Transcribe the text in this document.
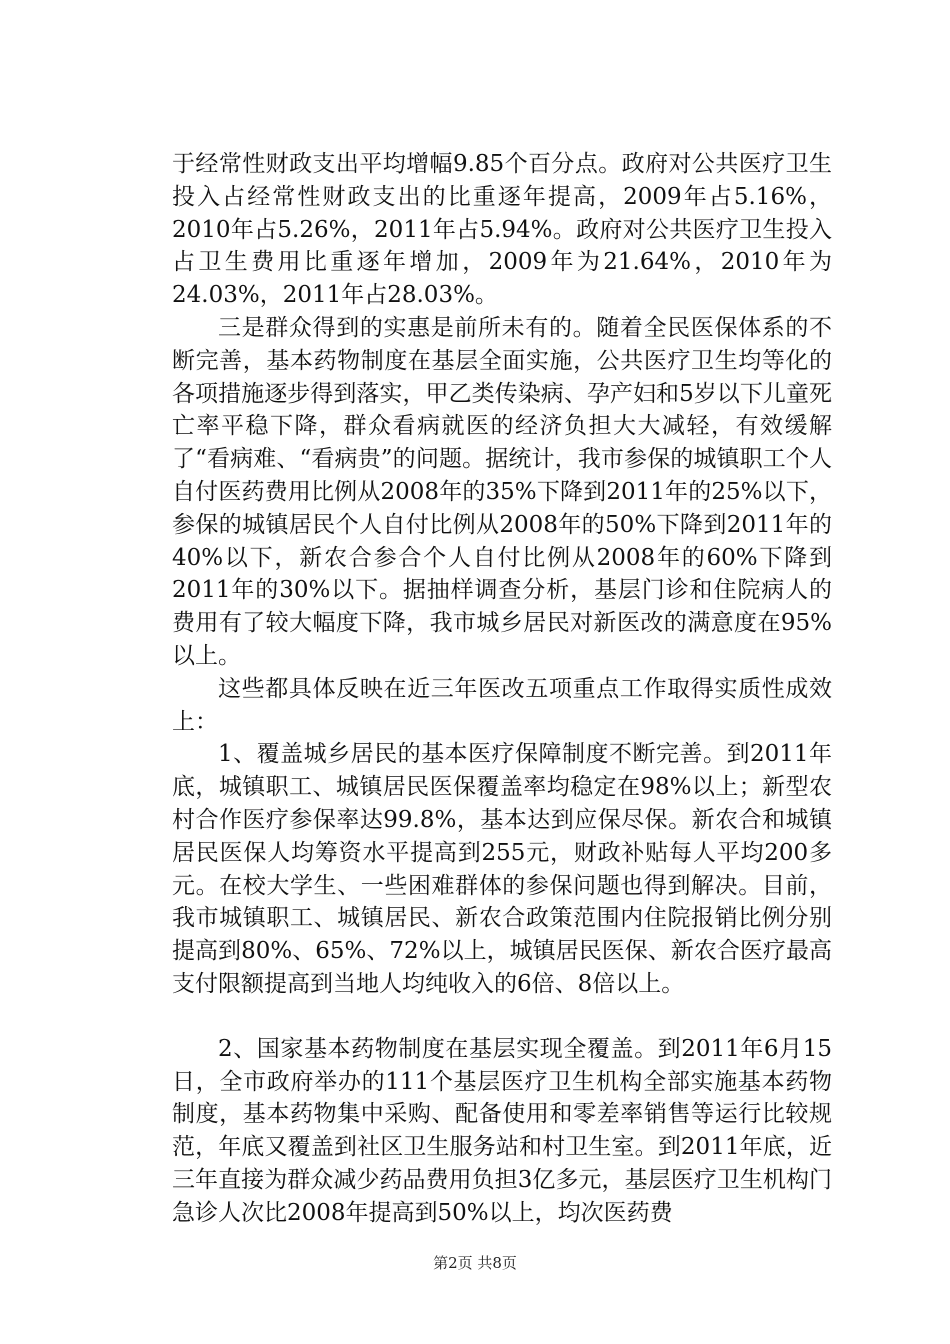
于经常性财政支出平均增幅9.85个百分点。政府对公共医疗卫生投入占经常性财政支出的比重逐年提高，2009年占5.16%，2010年占5.26%，2011年占5.94%。政府对公共医疗卫生投入占卫生费用比重逐年增加，2009年为21.64%，2010年为24.03%，2011年占28.03%。

三是群众得到的实惠是前所未有的。随着全民医保体系的不断完善，基本药物制度在基层全面实施，公共医疗卫生均等化的各项措施逐步得到落实，甲乙类传染病、孕产妇和5岁以下儿童死亡率平稳下降，群众看病就医的经济负担大大减轻，有效缓解了“看病难、“看病贵”的问题。据统计，我市参保的城镇职工个人自付医药费用比例从2008年的35%下降到2011年的25%以下，参保的城镇居民个人自付比例从2008年的50%下降到2011年的40%以下，新农合参合个人自付比例从2008年的60%下降到2011年的30%以下。据抽样调查分析，基层门诊和住院病人的费用有了较大幅度下降，我市城乡居民对新医改的满意度在95%以上。

这些都具体反映在近三年医改五项重点工作取得实质性成效上：

1、覆盖城乡居民的基本医疗保障制度不断完善。到2011年底，城镇职工、城镇居民医保覆盖率均稳定在98%以上；新型农村合作医疗参保率达99.8%，基本达到应保尽保。新农合和城镇居民医保人均筹资水平提高到255元，财政补贴每人平均200多元。在校大学生、一些困难群体的参保问题也得到解决。目前，我市城镇职工、城镇居民、新农合政策范围内住院报销比例分别提高到80%、65%、72%以上，城镇居民医保、新农合医疗最高支付限额提高到当地人均纯收入的6倍、8倍以上。

2、国家基本药物制度在基层实现全覆盖。到2011年6月15日，全市政府举办的111个基层医疗卫生机构全部实施基本药物制度，基本药物集中采购、配备使用和零差率销售等运行比较规范，年底又覆盖到社区卫生服务站和村卫生室。到2011年底，近三年直接为群众减少药品费用负担3亿多元，基层医疗卫生机构门急诊人次比2008年提高到50%以上，均次医药费

第2页 共8页
